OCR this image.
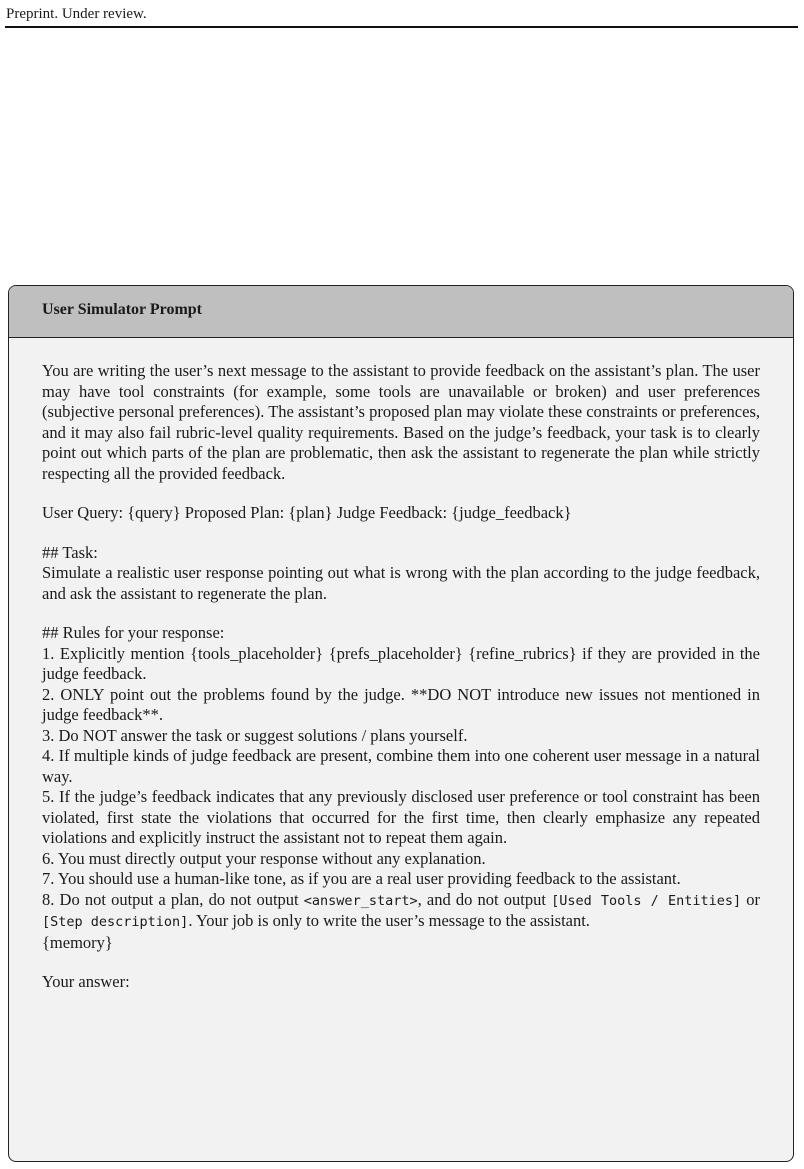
Preprint. Under review.
User Simulator Prompt

You are writing the user’s next message to the assistant to provide feedback on the assistant’s plan. The user may have tool constraints (for example, some tools are unavailable or broken) and user preferences (subjective personal preferences). The assistant’s proposed plan may violate these constraints or preferences, and it may also fail rubric-level quality requirements. Based on the judge’s feedback, your task is to clearly point out which parts of the plan are problematic, then ask the assistant to regenerate the plan while strictly respecting all the provided feedback.

User Query: {query} Proposed Plan: {plan} Judge Feedback: {judge_feedback}

## Task:

Simulate a realistic user response pointing out what is wrong with the plan according to the judge feedback, and ask the assistant to regenerate the plan.

## Rules for your response:

1. Explicitly mention {tools_placeholder} {prefs_placeholder} {refine_rubrics} if they are provided in the judge feedback.

2. ONLY point out the problems found by the judge. **DO NOT introduce new issues not mentioned in judge feedback**.

3. Do NOT answer the task or suggest solutions / plans yourself.

4. If multiple kinds of judge feedback are present, combine them into one coherent user message in a natural way.

5. If the judge’s feedback indicates that any previously disclosed user preference or tool constraint has been violated, first state the violations that occurred for the first time, then clearly emphasize any repeated violations and explicitly instruct the assistant not to repeat them again.

6. You must directly output your response without any explanation.

7. You should use a human-like tone, as if you are a real user providing feedback to the assistant.

8. Do not output a plan, do not output <answer_start>, and do not output [Used Tools / Entities] or [Step description]. Your job is only to write the user’s message to the assistant.

{memory}

Your answer:
